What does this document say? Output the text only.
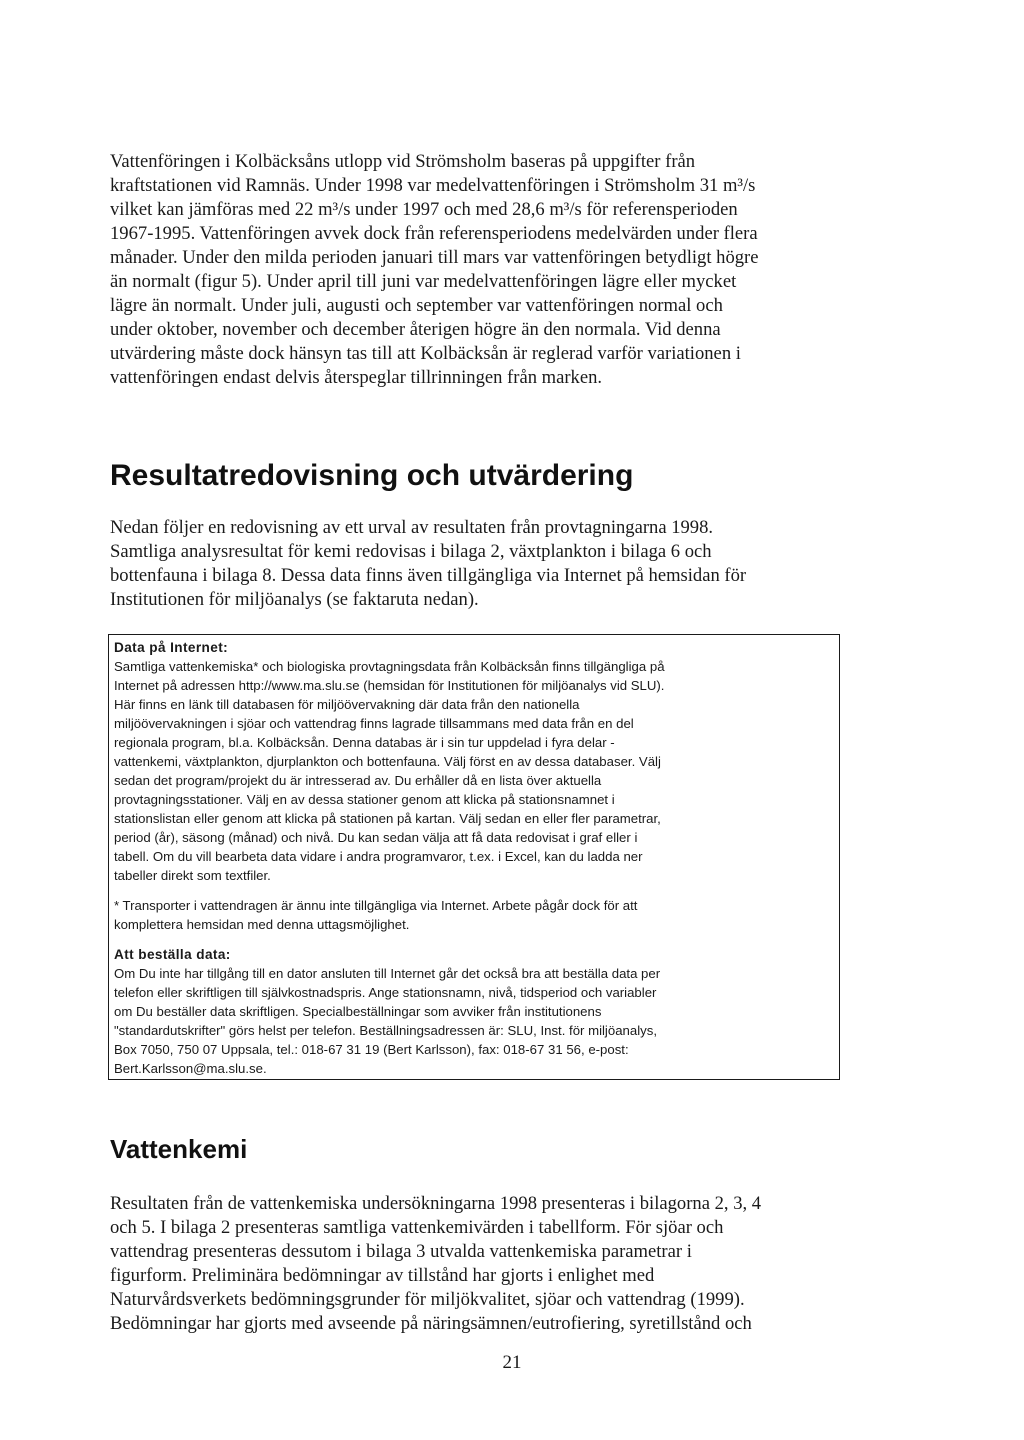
Vattenföringen i Kolbäcksåns utlopp vid Strömsholm baseras på uppgifter från
kraftstationen vid Ramnäs. Under 1998 var medelvattenföringen i Strömsholm 31 m³/s
vilket kan jämföras med 22 m³/s under 1997 och med 28,6 m³/s för referensperioden
1967-1995. Vattenföringen avvek dock från referensperiodens medelvärden under flera
månader. Under den milda perioden januari till mars var vattenföringen betydligt högre
än normalt (figur 5). Under april till juni var medelvattenföringen lägre eller mycket
lägre än normalt. Under juli, augusti och september var vattenföringen normal och
under oktober, november och december återigen högre än den normala. Vid denna
utvärdering måste dock hänsyn tas till att Kolbäcksån är reglerad varför variationen i
vattenföringen endast delvis återspeglar tillrinningen från marken.

Resultatredovisning och utvärdering

Nedan följer en redovisning av ett urval av resultaten från provtagningarna 1998.
Samtliga analysresultat för kemi redovisas i bilaga 2, växtplankton i bilaga 6 och
bottenfauna i bilaga 8. Dessa data finns även tillgängliga via Internet på hemsidan för
Institutionen för miljöanalys (se faktaruta nedan).

Data på Internet:
Samtliga vattenkemiska* och biologiska provtagningsdata från Kolbäcksån finns tillgängliga på
Internet på adressen http://www.ma.slu.se (hemsidan för Institutionen för miljöanalys vid SLU).
Här finns en länk till databasen för miljöövervakning där data från den nationella
miljöövervakningen i sjöar och vattendrag finns lagrade tillsammans med data från en del
regionala program, bl.a. Kolbäcksån. Denna databas är i sin tur uppdelad i fyra delar -
vattenkemi, växtplankton, djurplankton och bottenfauna. Välj först en av dessa databaser. Välj
sedan det program/projekt du är intresserad av. Du erhåller då en lista över aktuella
provtagningsstationer. Välj en av dessa stationer genom att klicka på stationsnamnet i
stationslistan eller genom att klicka på stationen på kartan. Välj sedan en eller fler parametrar,
period (år), säsong (månad) och nivå. Du kan sedan välja att få data redovisat i graf eller i
tabell. Om du vill bearbeta data vidare i andra programvaror, t.ex. i Excel, kan du ladda ner
tabeller direkt som textfiler.
* Transporter i vattendragen är ännu inte tillgängliga via Internet. Arbete pågår dock för att
komplettera hemsidan med denna uttagsmöjlighet.
Att beställa data:
Om Du inte har tillgång till en dator ansluten till Internet går det också bra att beställa data per
telefon eller skriftligen till självkostnadspris. Ange stationsnamn, nivå, tidsperiod och variabler
om Du beställer data skriftligen. Specialbeställningar som avviker från institutionens
"standardutskrifter" görs helst per telefon. Beställningsadressen är: SLU, Inst. för miljöanalys,
Box 7050, 750 07 Uppsala, tel.: 018-67 31 19 (Bert Karlsson), fax: 018-67 31 56, e-post:
Bert.Karlsson@ma.slu.se.
Vattenkemi

Resultaten från de vattenkemiska undersökningarna 1998 presenteras i bilagorna 2, 3, 4
och 5. I bilaga 2 presenteras samtliga vattenkemivärden i tabellform. För sjöar och
vattendrag presenteras dessutom i bilaga 3 utvalda vattenkemiska parametrar i
figurform. Preliminära bedömningar av tillstånd har gjorts i enlighet med
Naturvårdsverkets bedömningsgrunder för miljökvalitet, sjöar och vattendrag (1999).
Bedömningar har gjorts med avseende på näringsämnen/eutrofiering, syretillstånd och

21
